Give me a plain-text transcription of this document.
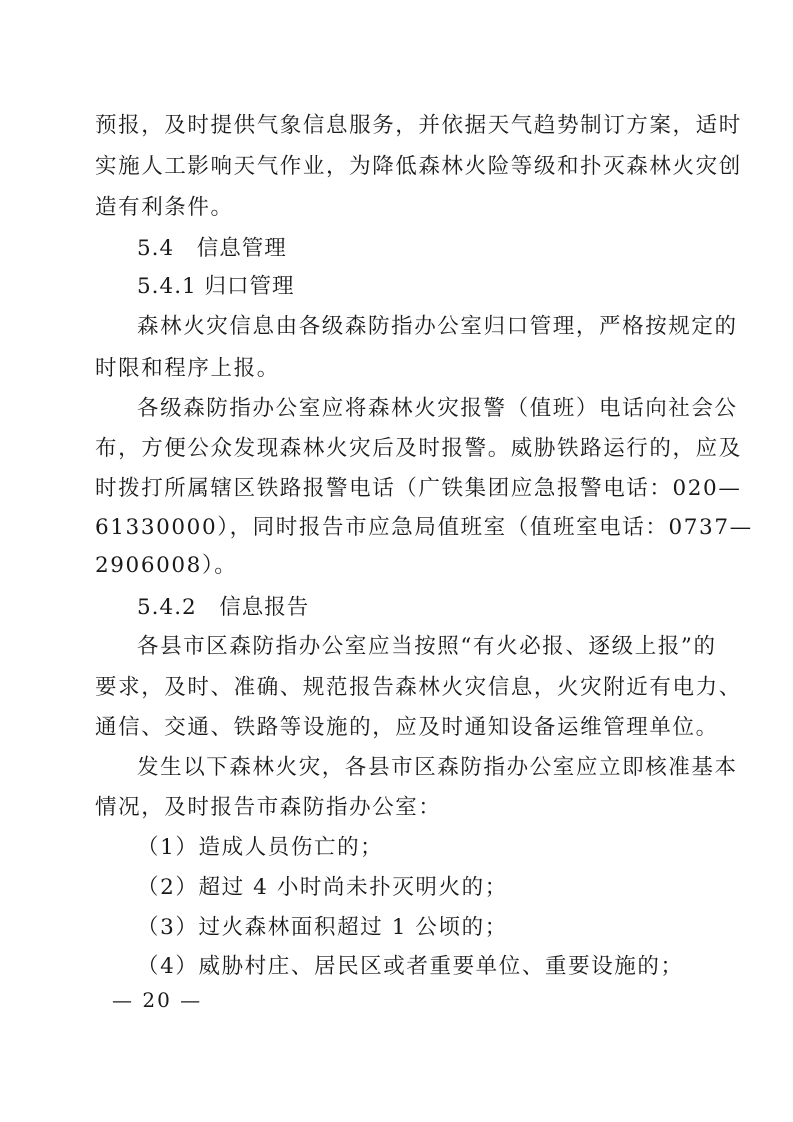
预报，及时提供气象信息服务，并依据天气趋势制订方案，适时
实施人工影响天气作业，为降低森林火险等级和扑灭森林火灾创
造有利条件。
5.4　信息管理
5.4.1 归口管理
森林火灾信息由各级森防指办公室归口管理，严格按规定的
时限和程序上报。
各级森防指办公室应将森林火灾报警（值班）电话向社会公
布，方便公众发现森林火灾后及时报警。威胁铁路运行的，应及
时拨打所属辖区铁路报警电话（广铁集团应急报警电话：020—
61330000），同时报告市应急局值班室（值班室电话：0737—
2906008）。
5.4.2　信息报告
各县市区森防指办公室应当按照“有火必报、逐级上报”的
要求，及时、准确、规范报告森林火灾信息，火灾附近有电力、
通信、交通、铁路等设施的，应及时通知设备运维管理单位。
发生以下森林火灾，各县市区森防指办公室应立即核准基本
情况，及时报告市森防指办公室：
（1）造成人员伤亡的；
（2）超过 4 小时尚未扑灭明火的；
（3）过火森林面积超过 1 公顷的；
（4）威胁村庄、居民区或者重要单位、重要设施的；
— 20 —
